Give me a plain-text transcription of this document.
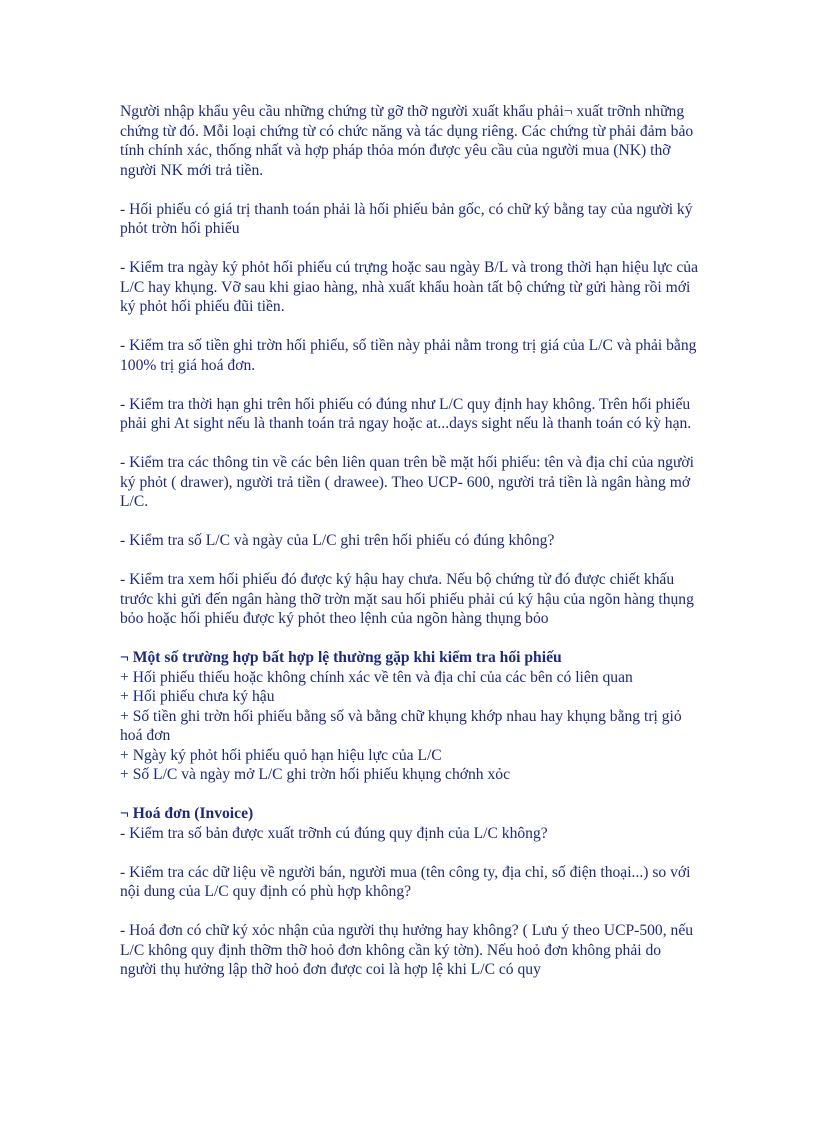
Người nhập khẩu yêu cầu những chứng từ gỡ thỡ người xuất khẩu phải¬ xuất trỡnh những chứng từ đó. Mỗi loại chứng từ có chức năng và tác dụng riêng. Các chứng từ phải đảm bảo tính chính xác, thống nhất và hợp pháp thỏa món được yêu cầu của người mua (NK) thỡ người NK mới trả tiền.

- Hối phiếu có giá trị thanh toán phải là hối phiếu bản gốc, có chữ ký bằng tay của người ký phỏt trờn hối phiếu

- Kiểm tra ngày ký phỏt hối phiếu cú trựng hoặc sau ngày B/L và trong thời hạn hiệu lực của L/C hay khụng. Vỡ sau khi giao hàng, nhà xuất khẩu hoàn tất bộ chứng từ gửi hàng rồi mới ký phỏt hối phiếu đũi tiền.

- Kiểm tra số tiền ghi trờn hối phiếu, số tiền này phải nằm trong trị giá của L/C và phải bằng 100% trị giá hoá đơn.

- Kiểm tra thời hạn ghi trên hối phiếu có đúng như L/C quy định hay không. Trên hối phiếu phải ghi At sight nếu là thanh toán trả ngay hoặc at...days sight nếu là thanh toán có kỳ hạn.

- Kiểm tra các thông tin về các bên liên quan trên bề mặt hối phiếu: tên và địa chỉ của người ký phỏt ( drawer), người trả tiền ( drawee). Theo UCP- 600, người trả tiền là ngân hàng mở L/C.

- Kiểm tra số L/C và ngày của L/C ghi trên hối phiếu có đúng không?

- Kiểm tra xem hối phiếu đó được ký hậu hay chưa. Nếu bộ chứng từ đó được chiết khấu trước khi gửi đến ngân hàng thỡ trờn mặt sau hối phiếu phải cú ký hậu của ngõn hàng thụng bỏo hoặc hối phiếu được ký phỏt theo lệnh của ngõn hàng thụng bỏo

¬ Một số trường hợp bất hợp lệ thường gặp khi kiểm tra hối phiếu

+ Hối phiếu thiếu hoặc không chính xác về tên và địa chỉ của các bên có liên quan

+ Hối phiếu chưa ký hậu

+ Số tiền ghi trờn hối phiếu bằng số và bằng chữ khụng khớp nhau hay khụng bằng trị giỏ hoá đơn

+ Ngày ký phỏt hối phiếu quỏ hạn hiệu lực của L/C

+ Số L/C và ngày mở L/C ghi trờn hối phiếu khụng chớnh xỏc

¬ Hoá đơn (Invoice)

- Kiểm tra số bản được xuất trỡnh cú đúng quy định của L/C không?

- Kiểm tra các dữ liệu về người bán, người mua (tên công ty, địa chỉ, số điện thoại...) so với nội dung của L/C quy định có phù hợp không?

- Hoá đơn có chữ ký xỏc nhận của người thụ hưởng hay không? ( Lưu ý theo UCP-500, nếu L/C không quy định thỡm thỡ hoỏ đơn không cần ký tờn). Nếu hoỏ đơn không phải do người thụ hưởng lập thỡ hoỏ đơn được coi là hợp lệ khi L/C có quy
